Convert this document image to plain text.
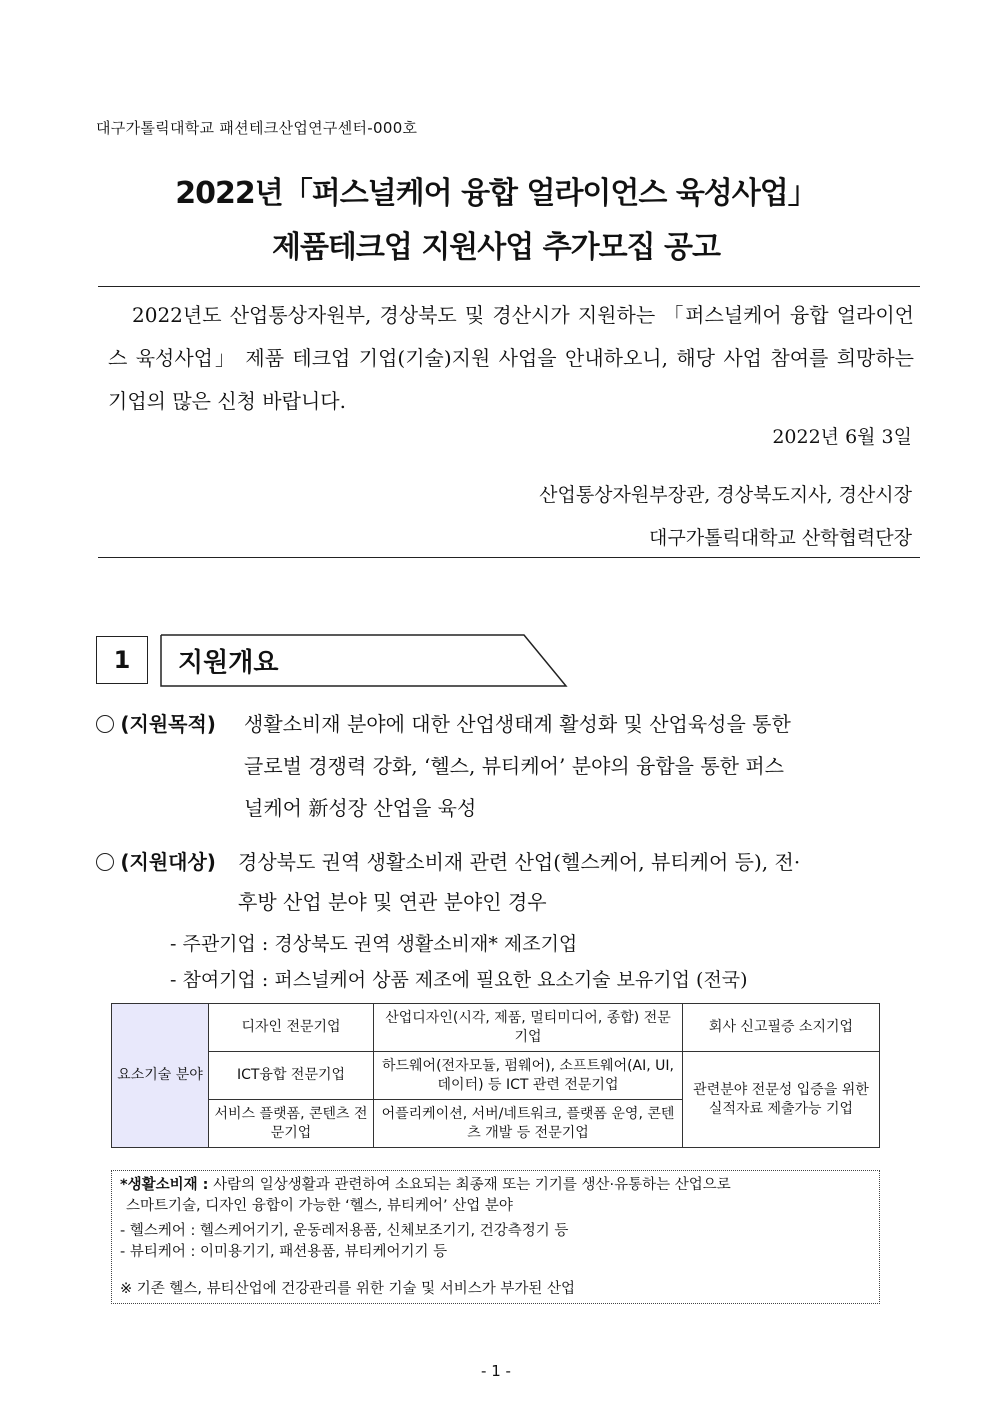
대구가톨릭대학교 패션테크산업연구센터-000호
2022년「퍼스널케어 융합 얼라이언스 육성사업」
제품테크업 지원사업 추가모집 공고

2022년도 산업통상자원부, 경상북도 및 경산시가 지원하는 「퍼스널케어 융합 얼라이언스 육성사업」 제품 테크업 기업(기술)지원 사업을 안내하오니, 해당 사업 참여를 희망하는 기업의 많은 신청 바랍니다.

2022년 6월 3일
산업통상자원부장관, 경상북도지사, 경산시장
대구가톨릭대학교 산학협력단장
1	지원개요
(지원목적) 생활소비재 분야에 대한 산업생태계 활성화 및 산업육성을 통한
글로벌 경쟁력 강화, ‘헬스, 뷰티케어’ 분야의 융합을 통한 퍼스
널케어 新성장 산업을 육성
(지원대상) 경상북도 권역 생활소비재 관련 산업(헬스케어, 뷰티케어 등), 전·
후방 산업 분야 및 연관 분야인 경우
- 주관기업 : 경상북도 권역 생활소비재* 제조기업
- 참여기업 : 퍼스널케어 상품 제조에 필요한 요소기술 보유기업 (전국)
요소기술 분야	디자인 전문기업	산업디자인(시각, 제품, 멀티미디어, 종합) 전문 기업	회사 신고필증 소지기업
	ICT융합 전문기업	하드웨어(전자모듈, 펌웨어), 소프트웨어(AI, UI, 데이터) 등 ICT 관련 전문기업	관련분야 전문성 입증을 위한 실적자료 제출가능 기업
	서비스 플랫폼, 콘텐츠 전문기업	어플리케이션, 서버/네트워크, 플랫폼 운영, 콘텐츠 개발 등 전문기업	
*생활소비재 : 사람의 일상생활과 관련하여 소요되는 최종재 또는 기기를 생산·유통하는 산업으로
스마트기술, 디자인 융합이 가능한 ‘헬스, 뷰티케어’ 산업 분야
- 헬스케어 : 헬스케어기기, 운동레저용품, 신체보조기기, 건강측정기 등
- 뷰티케어 : 이미용기기, 패션용품, 뷰티케어기기 등
※ 기존 헬스, 뷰티산업에 건강관리를 위한 기술 및 서비스가 부가된 산업
- 1 -
